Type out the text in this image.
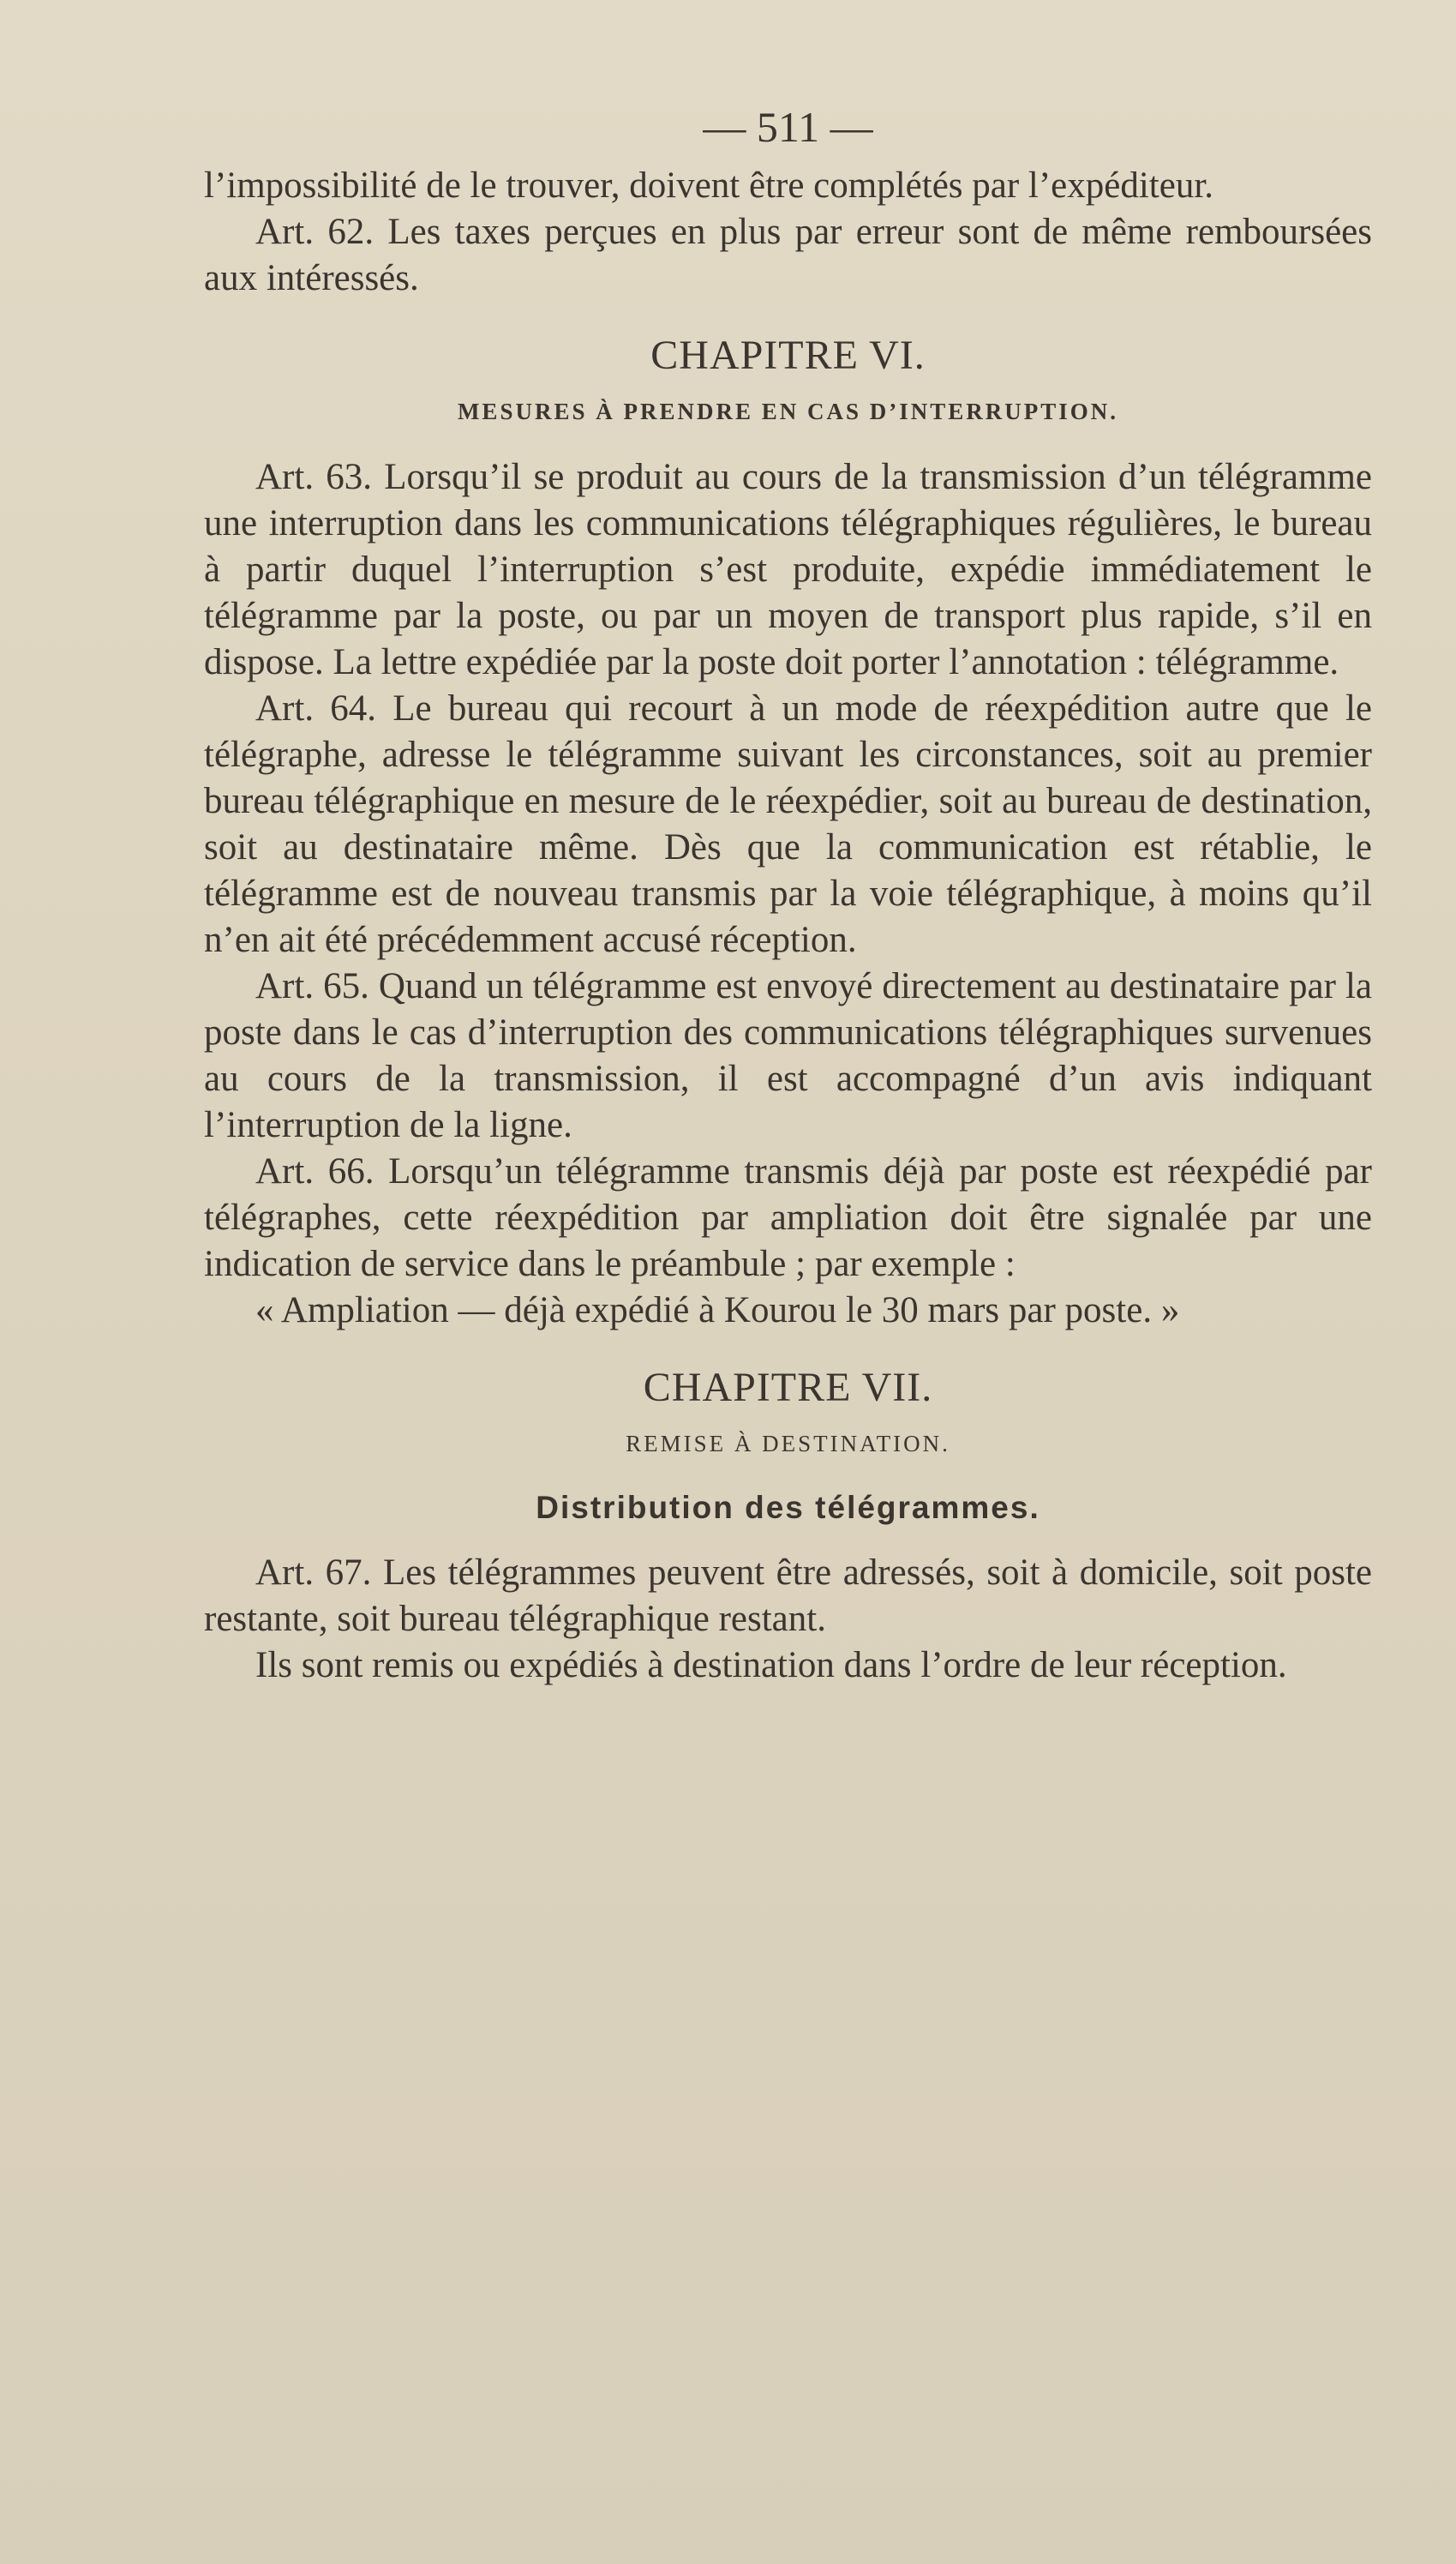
— 511 —

l’impossibilité de le trouver, doivent être complétés par l’expéditeur.

Art. 62. Les taxes perçues en plus par erreur sont de même remboursées aux intéressés.

CHAPITRE VI.
MESURES À PRENDRE EN CAS D’INTERRUPTION.

Art. 63. Lorsqu’il se produit au cours de la transmission d’un télégramme une interruption dans les communications télégraphiques régulières, le bureau à partir duquel l’interruption s’est produite, expédie immédiatement le télégramme par la poste, ou par un moyen de transport plus rapide, s’il en dispose. La lettre expédiée par la poste doit porter l’annotation : télégramme.

Art. 64. Le bureau qui recourt à un mode de réexpédition autre que le télégraphe, adresse le télégramme suivant les circonstances, soit au premier bureau télégraphique en mesure de le réexpédier, soit au bureau de destination, soit au destinataire même. Dès que la communication est rétablie, le télégramme est de nouveau transmis par la voie télégraphique, à moins qu’il n’en ait été précédemment accusé réception.

Art. 65. Quand un télégramme est envoyé directement au destinataire par la poste dans le cas d’interruption des communications télégraphiques survenues au cours de la transmission, il est accompagné d’un avis indiquant l’interruption de la ligne.

Art. 66. Lorsqu’un télégramme transmis déjà par poste est réexpédié par télégraphes, cette réexpédition par ampliation doit être signalée par une indication de service dans le préambule ; par exemple :

« Ampliation — déjà expédié à Kourou le 30 mars par poste. »

CHAPITRE VII.
REMISE À DESTINATION.
Distribution des télégrammes.

Art. 67. Les télégrammes peuvent être adressés, soit à domicile, soit poste restante, soit bureau télégraphique restant.

Ils sont remis ou expédiés à destination dans l’ordre de leur réception.
